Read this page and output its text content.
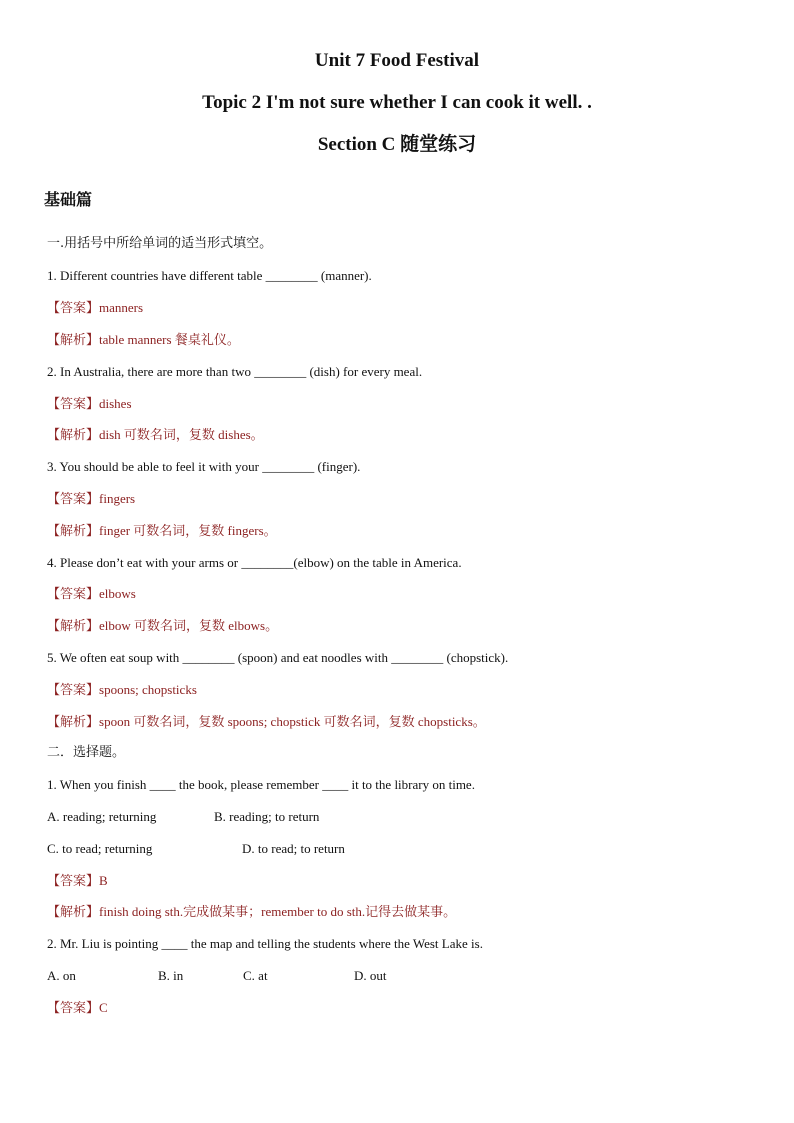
Unit 7 Food Festival
Topic 2 I'm not sure whether I can cook it well. .
Section C 随堂练习
基础篇

一.用括号中所给单词的适当形式填空。

1. Different countries have different table ________ (manner).

【答案】manners

【解析】table manners 餐桌礼仪。

2. In Australia, there are more than two ________ (dish) for every meal.

【答案】dishes

【解析】dish 可数名词，复数 dishes。

3. You should be able to feel it with your ________ (finger).

【答案】fingers

【解析】finger 可数名词，复数 fingers。

4. Please don’t eat with your arms or ________(elbow) on the table in America.

【答案】elbows

【解析】elbow 可数名词，复数 elbows。

5. We often eat soup with ________ (spoon) and eat noodles with ________ (chopstick).

【答案】spoons; chopsticks

【解析】spoon 可数名词，复数 spoons; chopstick 可数名词，复数 chopsticks。

二．选择题。

1. When you finish ____ the book, please remember ____ it to the library on time.

A. reading; returning	B. reading; to return
C. to read; returning	D. to read; to return

【答案】B

【解析】finish doing sth.完成做某事；remember to do sth.记得去做某事。

2. Mr. Liu is pointing ____ the map and telling the students where the West Lake is.

A. on	B. in	C. at	D. out

【答案】C
